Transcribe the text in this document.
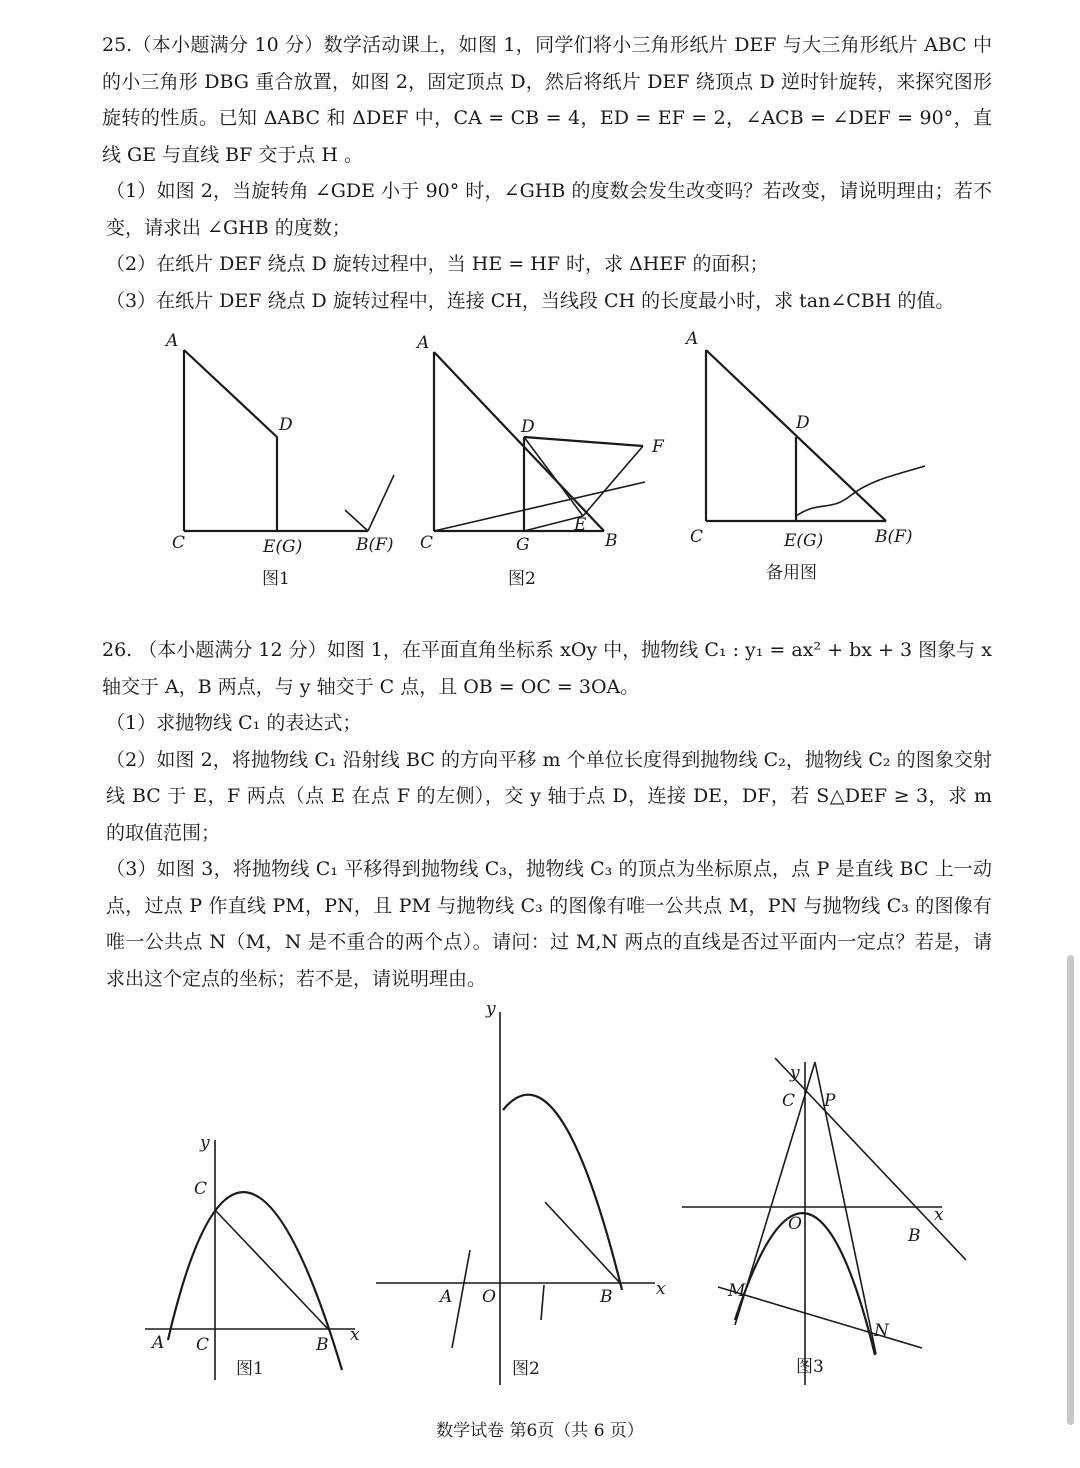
25.（本小题满分 10 分）数学活动课上，如图 1，同学们将小三角形纸片 DEF 与大三角形纸片 ABC 中的小三角形 DBG 重合放置，如图 2，固定顶点 D，然后将纸片 DEF 绕顶点 D 逆时针旋转，来探究图形旋转的性质。已知 ΔABC 和 ΔDEF 中，CA = CB = 4，ED = EF = 2，∠ACB = ∠DEF = 90°，直线 GE 与直线 BF 交于点 H 。

（1）如图 2，当旋转角 ∠GDE 小于 90° 时，∠GHB 的度数会发生改变吗？若改变，请说明理由；若不变，请求出 ∠GHB 的度数；

（2）在纸片 DEF 绕点 D 旋转过程中，当 HE = HF 时，求 ΔHEF 的面积；

（3）在纸片 DEF 绕点 D 旋转过程中，连接 CH，当线段 CH 的长度最小时，求 tan∠CBH 的值。

A
D
C	E(G)	B(F)
图1
A
D
F
C	G
E
B
图2
A
D
C	E(G)	B(F)
备用图

26. （本小题满分 12 分）如图 1，在平面直角坐标系 xOy 中，抛物线 C₁ : y₁ = ax² + bx + 3 图象与 x 轴交于 A，B 两点，与 y 轴交于 C 点，且 OB = OC = 3OA。

（1）求抛物线 C₁ 的表达式；

（2）如图 2，将抛物线 C₁ 沿射线 BC 的方向平移 m 个单位长度得到抛物线 C₂，抛物线 C₂ 的图象交射线 BC 于 E，F 两点（点 E 在点 F 的左侧），交 y 轴于点 D，连接 DE，DF，若 S△DEF ≥ 3，求 m 的取值范围；

（3）如图 3，将抛物线 C₁ 平移得到抛物线 C₃，抛物线 C₃ 的顶点为坐标原点，点 P 是直线 BC 上一动点，过点 P 作直线 PM，PN，且 PM 与抛物线 C₃ 的图像有唯一公共点 M，PN 与抛物线 C₃ 的图像有唯一公共点 N（M，N 是不重合的两个点）。请问：过 M,N 两点的直线是否过平面内一定点？若是，请求出这个定点的坐标；若不是，请说明理由。

y
C
A C	B x
图1
y
A O	B	x
图2
y
C P
O	x
B
M
N
图3
数学试卷 第6页（共 6 页）
